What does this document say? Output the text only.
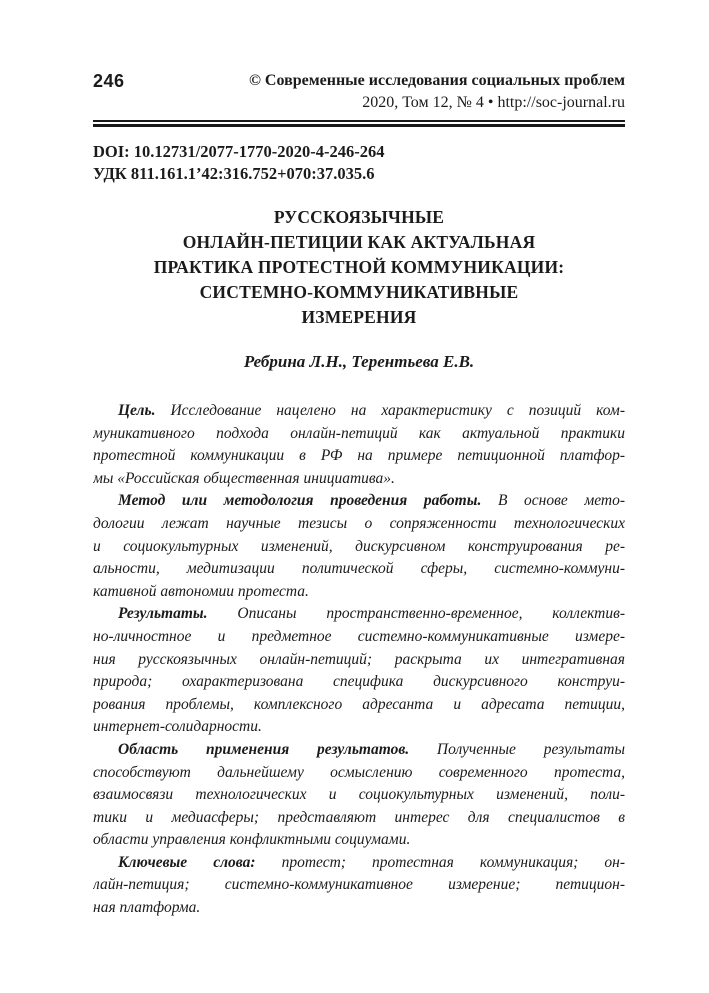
246	© Современные исследования социальных проблем
2020, Том 12, № 4 • http://soc-journal.ru
DOI: 10.12731/2077-1770-2020-4-246-264
УДК 811.161.1’42:316.752+070:37.035.6
РУССКОЯЗЫЧНЫЕ
ОНЛАЙН-ПЕТИЦИИ КАК АКТУАЛЬНАЯ
ПРАКТИКА ПРОТЕСТНОЙ КОММУНИКАЦИИ:
СИСТЕМНО-КОММУНИКАТИВНЫЕ
ИЗМЕРЕНИЯ
Ребрина Л.Н., Терентьева Е.В.
Цель. Исследование нацелено на характеристику с позиций ком-
муникативного подхода онлайн-петиций как актуальной практики
протестной коммуникации в РФ на примере петиционной платфор-
мы «Российская общественная инициатива».
Метод или методология проведения работы. В основе мето-
дологии лежат научные тезисы о сопряженности технологических
и социокультурных изменений, дискурсивном конструирования ре-
альности, медитизации политической сферы, системно-коммуни-
кативной автономии протеста.
Результаты. Описаны пространственно-временное, коллектив-
но-личностное и предметное системно-коммуникативные измере-
ния русскоязычных онлайн-петиций; раскрыта их интегративная
природа; охарактеризована специфика дискурсивного конструи-
рования проблемы, комплексного адресанта и адресата петиции,
интернет-солидарности.
Область применения результатов. Полученные результаты
способствуют дальнейшему осмыслению современного протеста,
взаимосвязи технологических и социокультурных изменений, поли-
тики и медиасферы; представляют интерес для специалистов в
области управления конфликтными социумами.
Ключевые слова: протест; протестная коммуникация; он-
лайн-петиция; системно-коммуникативное измерение; петицион-
ная платформа.
